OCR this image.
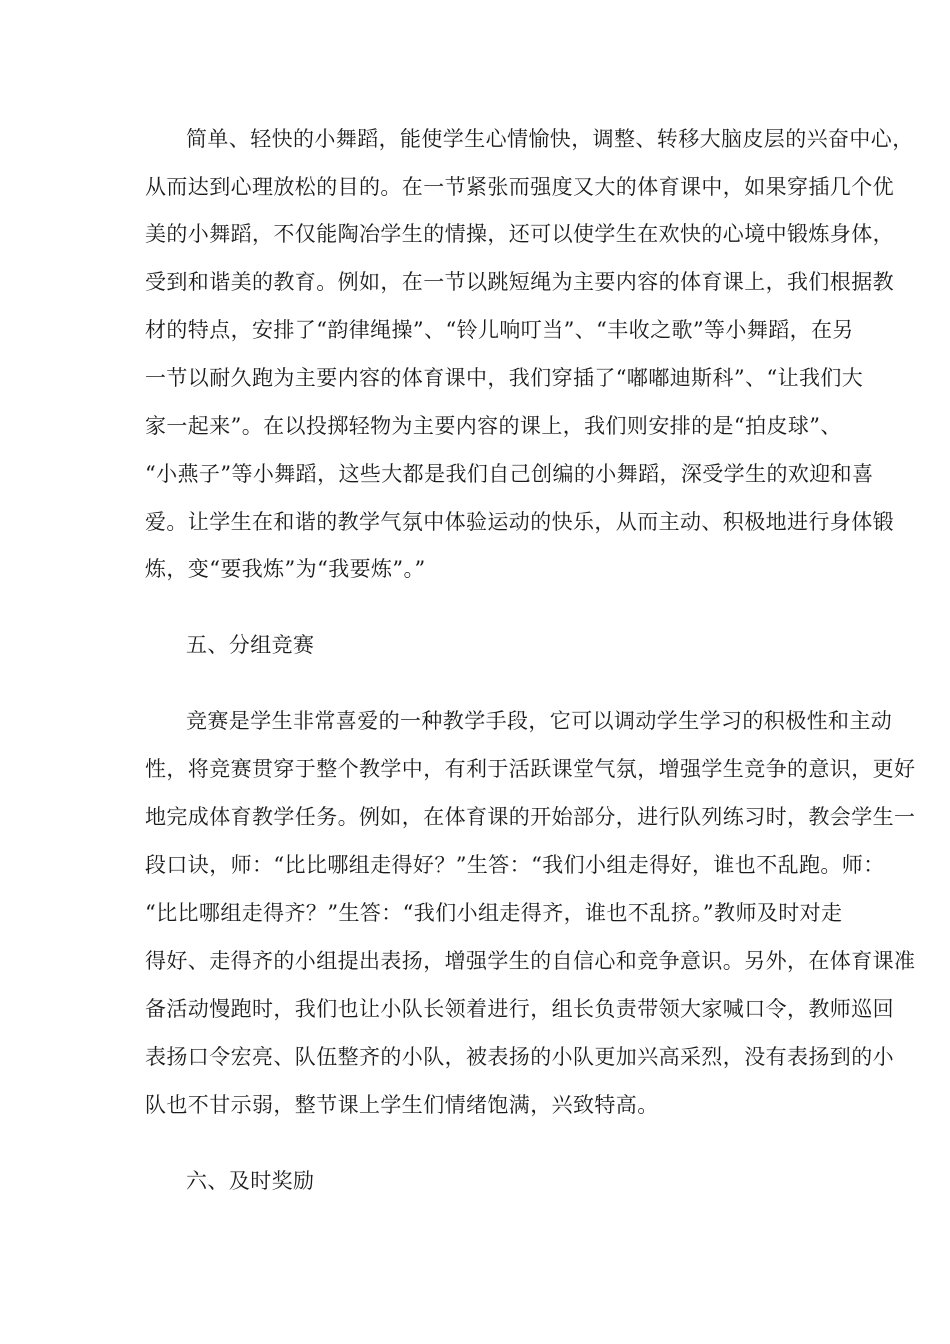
简单、轻快的小舞蹈，能使学生心情愉快，调整、转移大脑皮层的兴奋中心，
从而达到心理放松的目的。在一节紧张而强度又大的体育课中，如果穿插几个优
美的小舞蹈，不仅能陶冶学生的情操，还可以使学生在欢快的心境中锻炼身体，
受到和谐美的教育。例如，在一节以跳短绳为主要内容的体育课上，我们根据教
材的特点，安排了“韵律绳操”、“铃儿响叮当”、“丰收之歌”等小舞蹈，在另
一节以耐久跑为主要内容的体育课中，我们穿插了“嘟嘟迪斯科”、“让我们大
家一起来”。在以投掷轻物为主要内容的课上，我们则安排的是“拍皮球”、
“小燕子”等小舞蹈，这些大都是我们自己创编的小舞蹈，深受学生的欢迎和喜
爱。让学生在和谐的教学气氛中体验运动的快乐，从而主动、积极地进行身体锻
炼，变“要我炼”为“我要炼”。”
五、分组竞赛
竞赛是学生非常喜爱的一种教学手段，它可以调动学生学习的积极性和主动
性，将竞赛贯穿于整个教学中，有利于活跃课堂气氛，增强学生竞争的意识，更好
地完成体育教学任务。例如，在体育课的开始部分，进行队列练习时，教会学生一
段口诀，师：“比比哪组走得好？”生答：“我们小组走得好，谁也不乱跑。师：
“比比哪组走得齐？”生答：“我们小组走得齐，谁也不乱挤。”教师及时对走
得好、走得齐的小组提出表扬，增强学生的自信心和竞争意识。另外，在体育课准
备活动慢跑时，我们也让小队长领着进行，组长负责带领大家喊口令，教师巡回
表扬口令宏亮、队伍整齐的小队，被表扬的小队更加兴高采烈，没有表扬到的小
队也不甘示弱，整节课上学生们情绪饱满，兴致特高。
六、及时奖励
